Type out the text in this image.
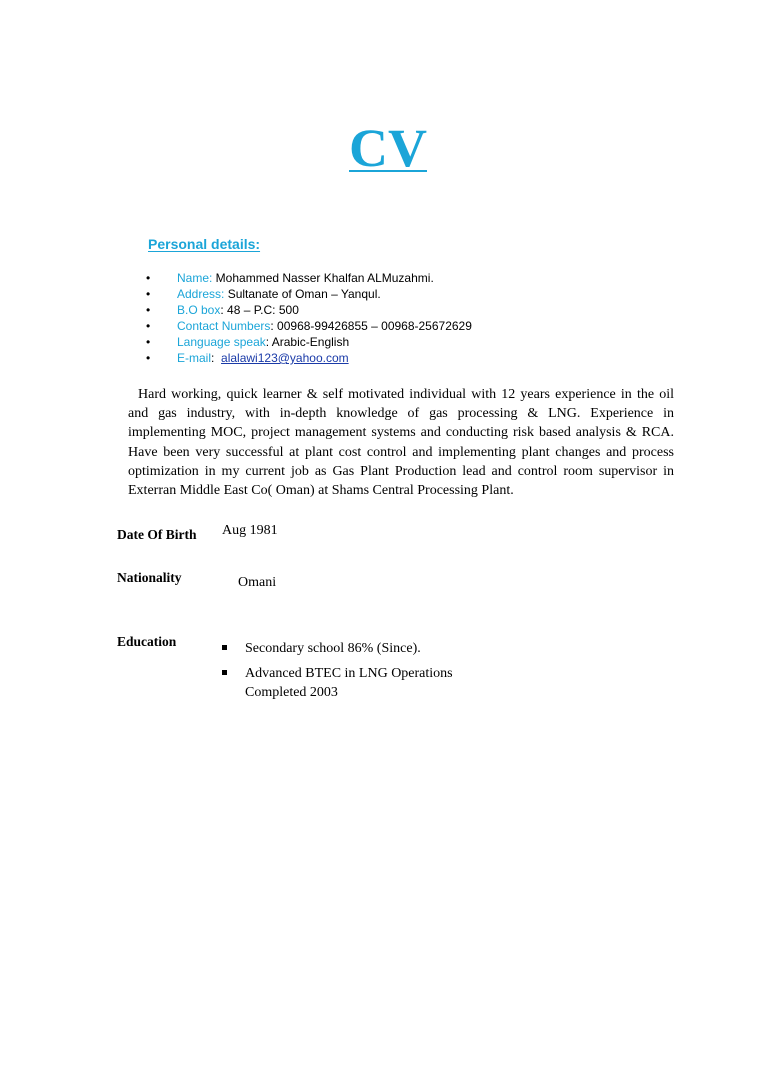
CV
Personal details:
• Name: Mohammed Nasser Khalfan ALMuzahmi.
• Address: Sultanate of Oman – Yanqul.
• B.O box: 48 – P.C: 500
• Contact Numbers: 00968-99426855 – 00968-25672629
• Language speak: Arabic-English
• E-mail:  alalawi123@yahoo.com
Hard working, quick learner & self motivated individual with 12 years experience in the oil and gas industry, with in-depth knowledge of gas processing & LNG. Experience in implementing MOC, project management systems and conducting risk based analysis & RCA. Have been very successful at plant cost control and implementing plant changes and process optimization in my current job as Gas Plant Production lead and control room supervisor in Exterran Middle East Co( Oman) at Shams Central Processing Plant.
Date Of Birth Aug 1981
Nationality	Omani
Education	Secondary school 86% (Since).
Advanced BTEC in LNG Operations
Completed 2003
